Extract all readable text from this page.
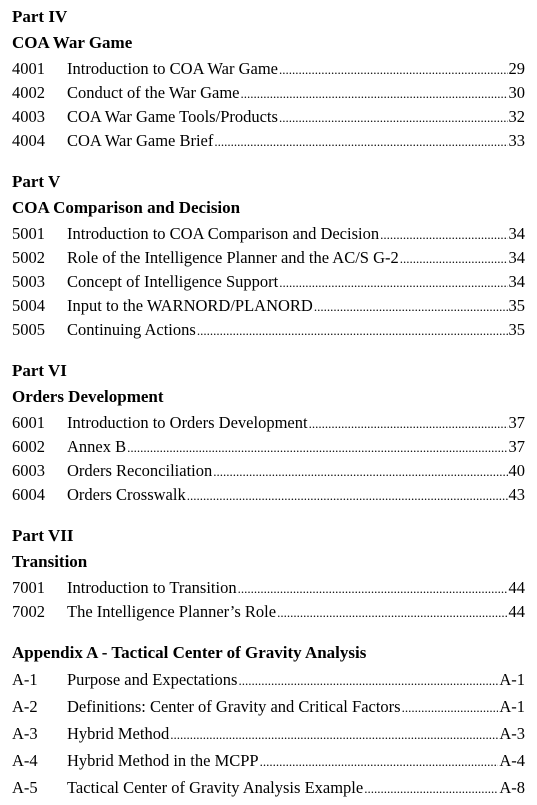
Part IV
COA War Game
4001	Introduction to COA War Game .....	29
4002	Conduct of the War Game .....	30
4003	COA War Game Tools/Products .....	32
4004	COA War Game Brief .....	33
Part V
COA Comparison and Decision
5001	Introduction to COA Comparison and Decision .....	34
5002	Role of the Intelligence Planner and the AC/S G-2 .....	34
5003	Concept of Intelligence Support .....	34
5004	Input to the WARNORD/PLANORD .....	35
5005	Continuing Actions .....	35
Part VI
Orders Development
6001	Introduction to Orders Development .....	37
6002	Annex B .....	37
6003	Orders Reconciliation .....	40
6004	Orders Crosswalk .....	43
Part VII
Transition
7001	Introduction to Transition .....	44
7002	The Intelligence Planner’s Role .....	44
Appendix A - Tactical Center of Gravity Analysis
A-1	Purpose and Expectations .....	A-1
A-2	Definitions: Center of Gravity and Critical Factors .....	A-1
A-3	Hybrid Method .....	A-3
A-4	Hybrid Method in the MCPP .....	A-4
A-5	Tactical Center of Gravity Analysis Example .....	A-8
